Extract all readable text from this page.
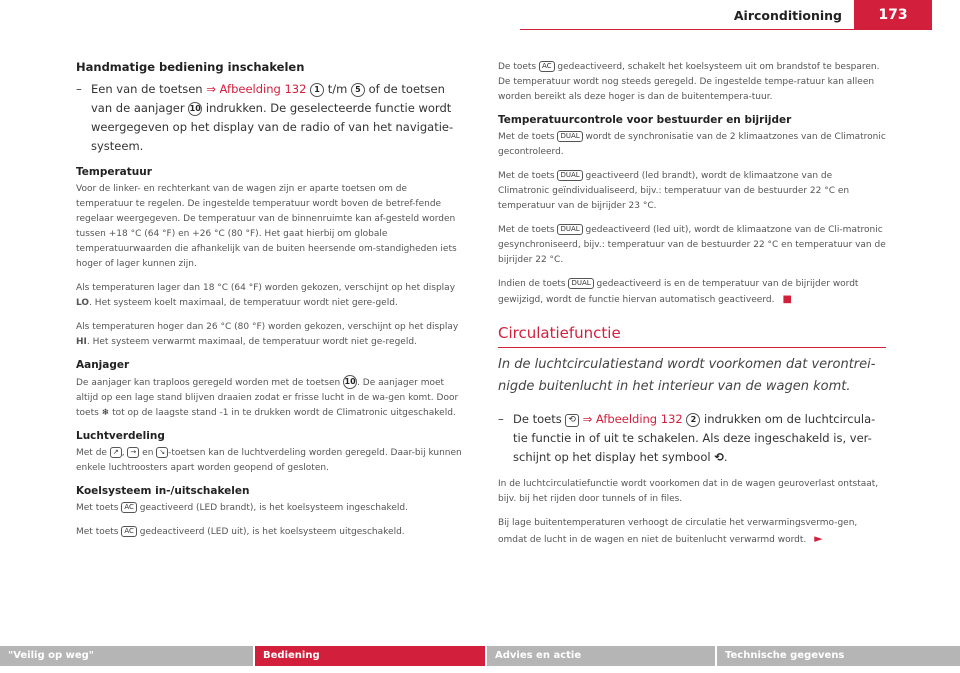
Airconditioning	173
Handmatige bediening inschakelen
– Een van de toetsen ⇒ Afbeelding 132 1 t/m 5 of de toetsen van de aanjager 10 indrukken. De geselecteerde functie wordt weergegeven op het display van de radio of van het navigatie-systeem.
Temperatuur

Voor de linker- en rechterkant van de wagen zijn er aparte toetsen om de temperatuur te regelen. De ingestelde temperatuur wordt boven de betref-fende regelaar weergegeven. De temperatuur van de binnenruimte kan af-gesteld worden tussen +18 °C (64 °F) en +26 °C (80 °F). Het gaat hierbij om globale temperatuurwaarden die afhankelijk van de buiten heersende om-standigheden iets hoger of lager kunnen zijn.

Als temperaturen lager dan 18 °C (64 °F) worden gekozen, verschijnt op het display LO. Het systeem koelt maximaal, de temperatuur wordt niet gere-geld.

Als temperaturen hoger dan 26 °C (80 °F) worden gekozen, verschijnt op het display HI. Het systeem verwarmt maximaal, de temperatuur wordt niet ge-regeld.

Aanjager

De aanjager kan traploos geregeld worden met de toetsen 10. De aanjager moet altijd op een lage stand blijven draaien zodat er frisse lucht in de wa-gen komt. Door toets ❄ tot op de laagste stand -1 in te drukken wordt de Climatronic uitgeschakeld.

Luchtverdeling

Met de ↗ , → en ↘ -toetsen kan de luchtverdeling worden geregeld. Daar-bij kunnen enkele luchtroosters apart worden geopend of gesloten.

Koelsysteem in-/uitschakelen

Met toets AC geactiveerd (LED brandt), is het koelsysteem ingeschakeld.

Met toets AC gedeactiveerd (LED uit), is het koelsysteem uitgeschakeld.

De toets AC gedeactiveerd, schakelt het koelsysteem uit om brandstof te besparen. De temperatuur wordt nog steeds geregeld. De ingestelde tempe-ratuur kan alleen worden bereikt als deze hoger is dan de buitentempera-tuur.

Temperatuurcontrole voor bestuurder en bijrijder

Met de toets DUAL wordt de synchronisatie van de 2 klimaatzones van de Climatronic gecontroleerd.

Met de toets DUAL geactiveerd (led brandt), wordt de klimaatzone van de Climatronic geïndividualiseerd, bijv.: temperatuur van de bestuurder 22 °C en temperatuur van de bijrijder 23 °C.

Met de toets DUAL gedeactiveerd (led uit), wordt de klimaatzone van de Cli-matronic gesynchroniseerd, bijv.: temperatuur van de bestuurder 22 °C en temperatuur van de bijrijder 22 °C.

Indien de toets DUAL gedeactiveerd is en de temperatuur van de bijrijder wordt gewijzigd, wordt de functie hiervan automatisch geactiveerd. ■

Circulatiefunctie
In de luchtcirculatiestand wordt voorkomen dat verontrei-nigde buitenlucht in het interieur van de wagen komt.
– De toets ⟲ ⇒ Afbeelding 132 2 indrukken om de luchtcircula-tie functie in of uit te schakelen. Als deze ingeschakeld is, ver-schijnt op het display het symbool ⟲.

In de luchtcirculatiefunctie wordt voorkomen dat in de wagen geuroverlast ontstaat, bijv. bij het rijden door tunnels of in files.

Bij lage buitentemperaturen verhoogt de circulatie het verwarmingsvermo-gen, omdat de lucht in de wagen en niet de buitenlucht verwarmd wordt. ►

"Veilig op weg"	Bediening	Advies en actie	Technische gegevens
